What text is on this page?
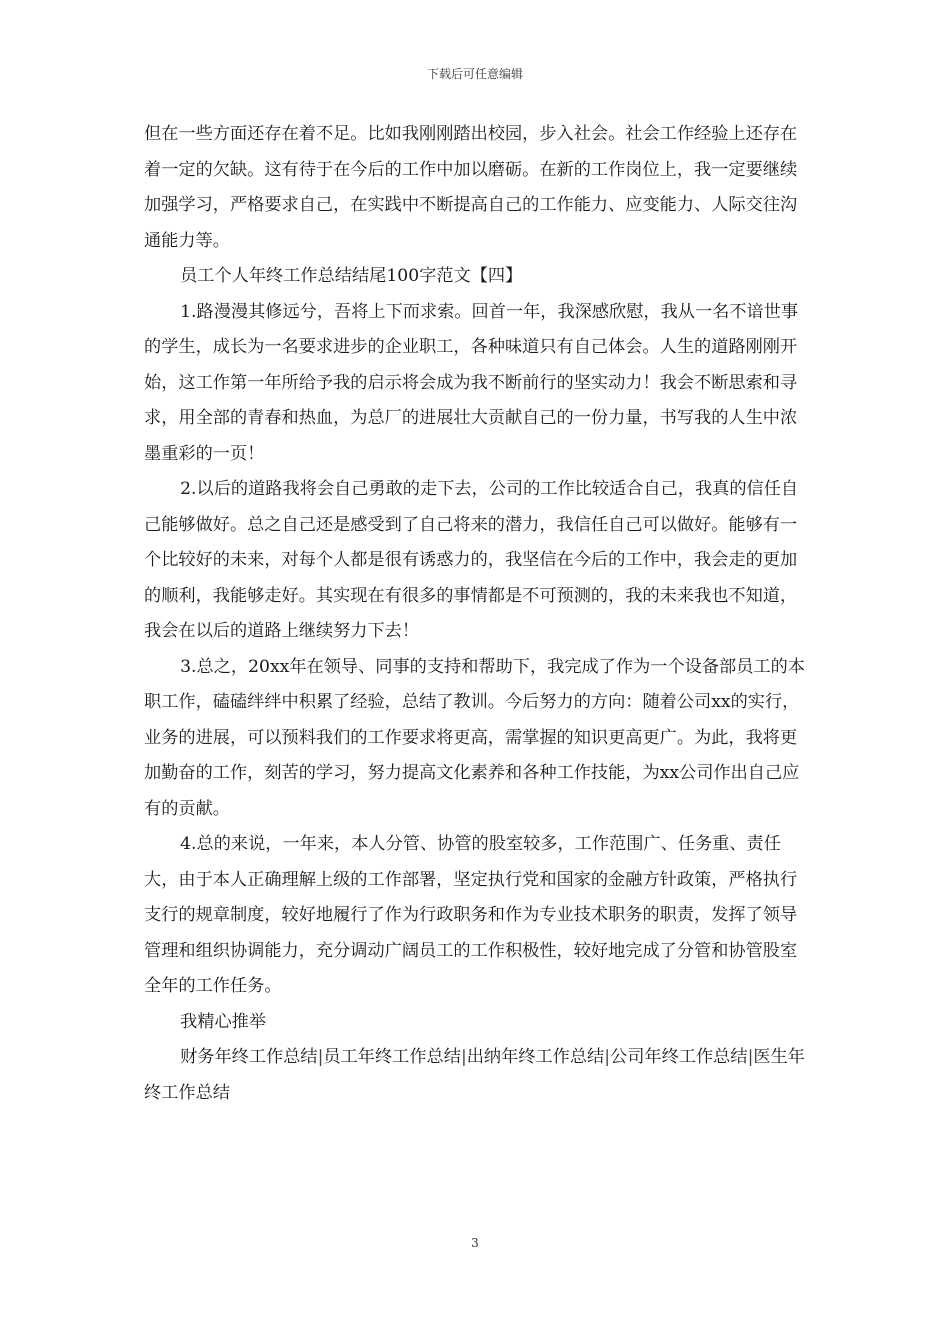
下载后可任意编辑

但在一些方面还存在着不足。比如我刚刚踏出校园，步入社会。社会工作经验上还存在着一定的欠缺。这有待于在今后的工作中加以磨砺。在新的工作岗位上，我一定要继续加强学习，严格要求自己，在实践中不断提高自己的工作能力、应变能力、人际交往沟通能力等。

员工个人年终工作总结结尾100字范文【四】

1.路漫漫其修远兮，吾将上下而求索。回首一年，我深感欣慰，我从一名不谙世事的学生，成长为一名要求进步的企业职工，各种味道只有自己体会。人生的道路刚刚开始，这工作第一年所给予我的启示将会成为我不断前行的坚实动力！我会不断思索和寻求，用全部的青春和热血，为总厂的进展壮大贡献自己的一份力量，书写我的人生中浓墨重彩的一页！

2.以后的道路我将会自己勇敢的走下去，公司的工作比较适合自己，我真的信任自己能够做好。总之自己还是感受到了自己将来的潜力，我信任自己可以做好。能够有一个比较好的未来，对每个人都是很有诱惑力的，我坚信在今后的工作中，我会走的更加的顺利，我能够走好。其实现在有很多的事情都是不可预测的，我的未来我也不知道，我会在以后的道路上继续努力下去！

3.总之，20xx年在领导、同事的支持和帮助下，我完成了作为一个设备部员工的本职工作，磕磕绊绊中积累了经验，总结了教训。今后努力的方向：随着公司xx的实行，业务的进展，可以预料我们的工作要求将更高，需掌握的知识更高更广。为此，我将更加勤奋的工作，刻苦的学习，努力提高文化素养和各种工作技能，为xx公司作出自己应有的贡献。

4.总的来说，一年来，本人分管、协管的股室较多，工作范围广、任务重、责任大，由于本人正确理解上级的工作部署，坚定执行党和国家的金融方针政策，严格执行支行的规章制度，较好地履行了作为行政职务和作为专业技术职务的职责，发挥了领导管理和组织协调能力，充分调动广阔员工的工作积极性，较好地完成了分管和协管股室全年的工作任务。

我精心推举

财务年终工作总结|员工年终工作总结|出纳年终工作总结|公司年终工作总结|医生年终工作总结

3
